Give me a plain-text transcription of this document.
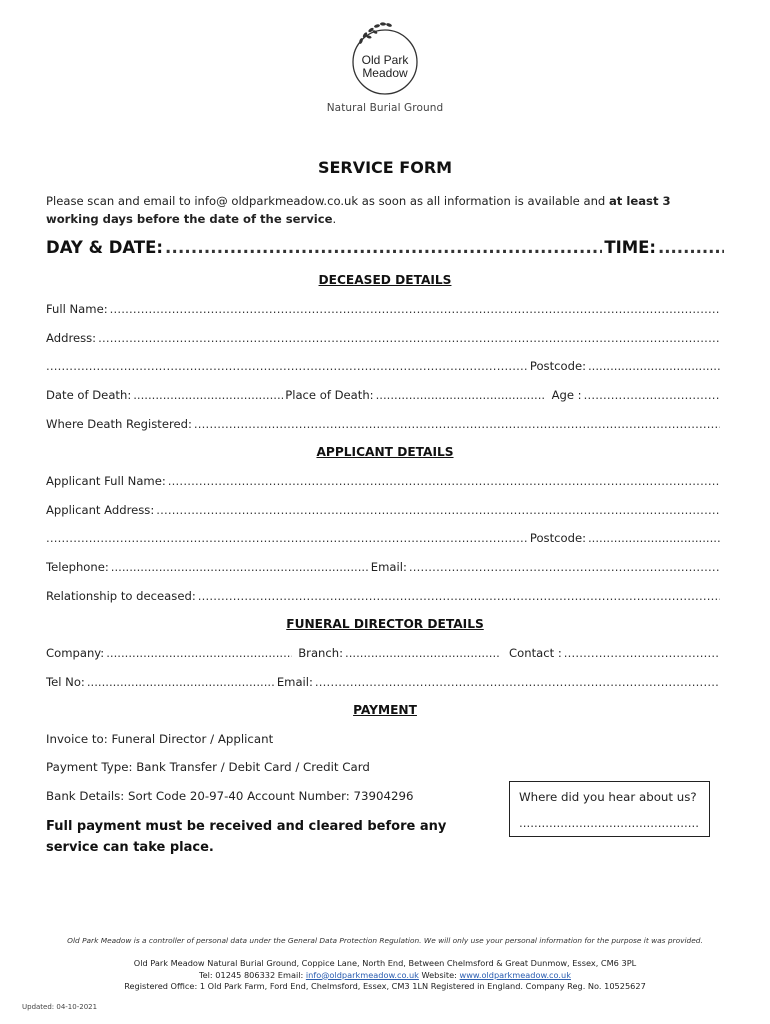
Old Park
Meadow
Natural Burial Ground
SERVICE FORM
Please scan and email to info@ oldparkmeadow.co.uk as soon as all information is available and at least 3 working days before the date of the service.
DAY & DATE: .....	TIME:
.....
DECEASED DETAILS
Full Name:
.....
Address:
.....
.....
Postcode:
.....
Date of Death: .....	Place of Death: .....	Age :
.....
Where Death Registered:
.....
APPLICANT DETAILS
Applicant Full Name:
.....
Applicant Address:
.....
.....
Postcode:
.....
Telephone: .....	Email:
.....
Relationship to deceased:
.....
FUNERAL DIRECTOR DETAILS
Company: .....	Branch: .....	Contact :
.....
Tel No: .....	Email:
.....
PAYMENT
Invoice to: Funeral Director / Applicant
Payment Type: Bank Transfer / Debit Card / Credit Card
Bank Details: Sort Code 20-97-40 Account Number: 73904296
Full payment must be received and cleared before any service can take place.
Where did you hear about us?
.....
Old Park Meadow is a controller of personal data under the General Data Protection Regulation. We will only use your personal information for the purpose it was provided.
Old Park Meadow Natural Burial Ground, Coppice Lane, North End, Between Chelmsford & Great Dunmow, Essex, CM6 3PL
Tel: 01245 806332 Email: info@oldparkmeadow.co.uk Website: www.oldparkmeadow.co.uk
Registered Office: 1 Old Park Farm, Ford End, Chelmsford, Essex, CM3 1LN Registered in England. Company Reg. No. 10525627
Updated: 04-10-2021
